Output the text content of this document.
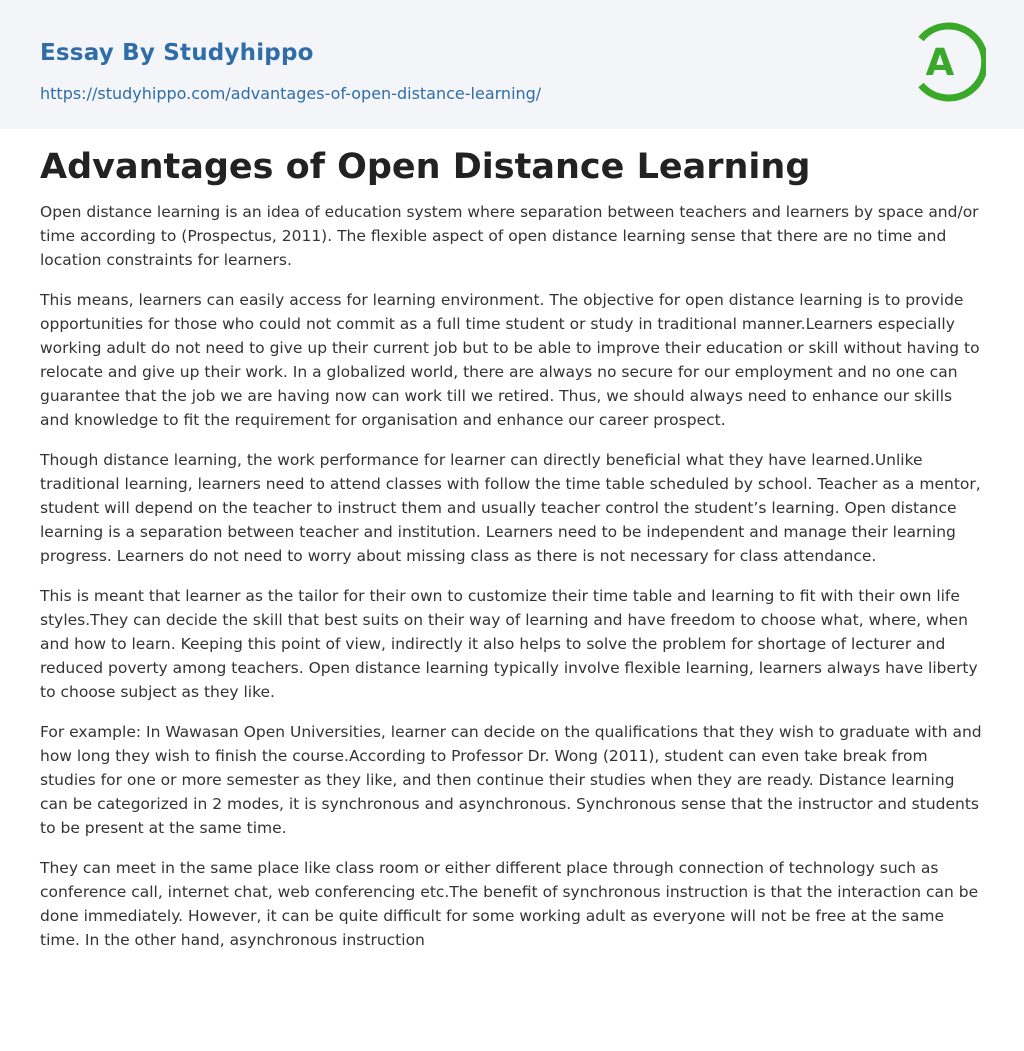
Essay By Studyhippo
https://studyhippo.com/advantages-of-open-distance-learning/
A
Advantages of Open Distance Learning

Open distance learning is an idea of education system where separation between teachers and learners by space and/or time according to (Prospectus, 2011). The flexible aspect of open distance learning sense that there are no time and location constraints for learners.

This means, learners can easily access for learning environment. The objective for open distance learning is to provide opportunities for those who could not commit as a full time student or study in traditional manner.Learners especially working adult do not need to give up their current job but to be able to improve their education or skill without having to relocate and give up their work. In a globalized world, there are always no secure for our employment and no one can guarantee that the job we are having now can work till we retired. Thus, we should always need to enhance our skills and knowledge to fit the requirement for organisation and enhance our career prospect.

Though distance learning, the work performance for learner can directly beneficial what they have learned.Unlike traditional learning, learners need to attend classes with follow the time table scheduled by school. Teacher as a mentor, student will depend on the teacher to instruct them and usually teacher control the student’s learning. Open distance learning is a separation between teacher and institution. Learners need to be independent and manage their learning progress. Learners do not need to worry about missing class as there is not necessary for class attendance.

This is meant that learner as the tailor for their own to customize their time table and learning to fit with their own life styles.They can decide the skill that best suits on their way of learning and have freedom to choose what, where, when and how to learn. Keeping this point of view, indirectly it also helps to solve the problem for shortage of lecturer and reduced poverty among teachers. Open distance learning typically involve flexible learning, learners always have liberty to choose subject as they like.

For example: In Wawasan Open Universities, learner can decide on the qualifications that they wish to graduate with and how long they wish to finish the course.According to Professor Dr. Wong (2011), student can even take break from studies for one or more semester as they like, and then continue their studies when they are ready. Distance learning can be categorized in 2 modes, it is synchronous and asynchronous. Synchronous sense that the instructor and students to be present at the same time.

They can meet in the same place like class room or either different place through connection of technology such as conference call, internet chat, web conferencing etc.The benefit of synchronous instruction is that the interaction can be done immediately. However, it can be quite difficult for some working adult as everyone will not be free at the same time. In the other hand, asynchronous instruction
